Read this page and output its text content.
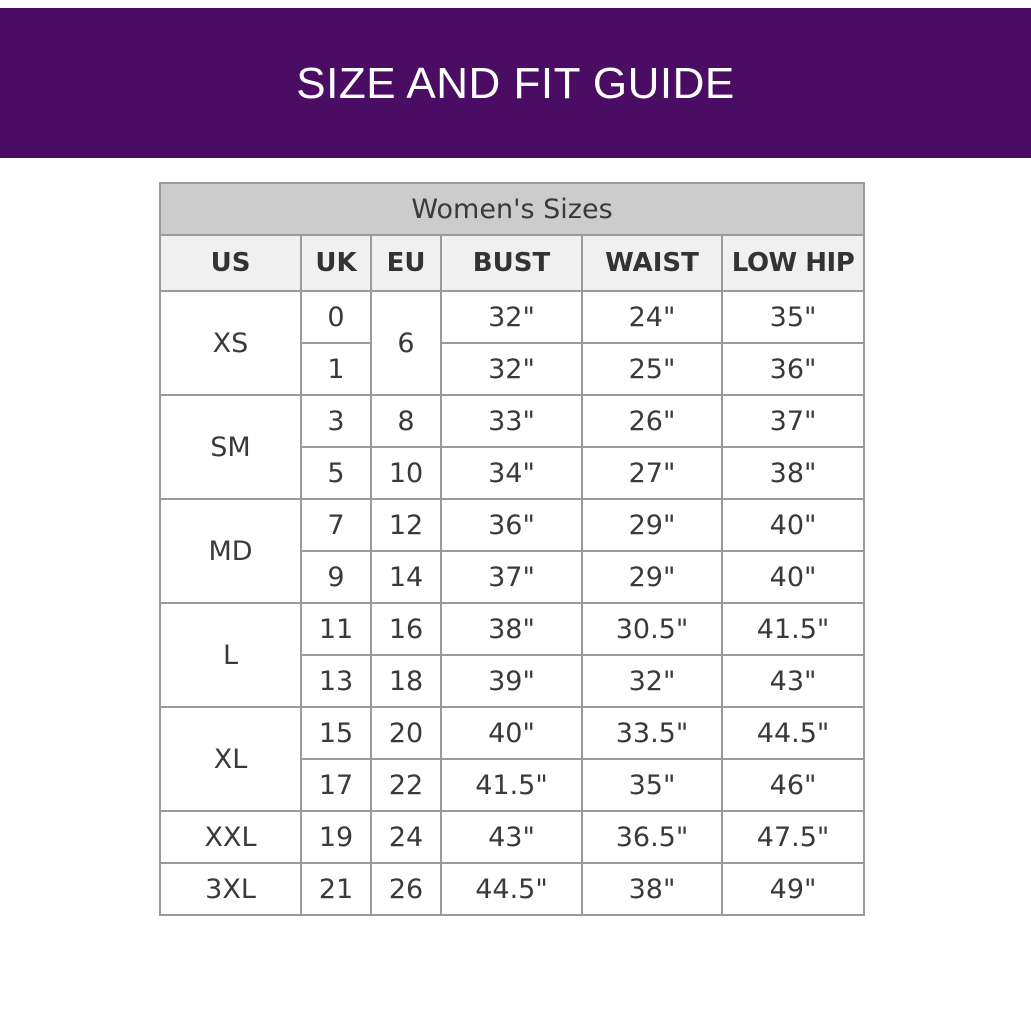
SIZE AND FIT GUIDE
Women's Sizes					
US	UK	EU	BUST	WAIST	LOW HIP
XS	0	6	32"	24"	35"
	1		32"	25"	36"
SM	3	8	33"	26"	37"
	5	10	34"	27"	38"
MD	7	12	36"	29"	40"
	9	14	37"	29"	40"
L	11	16	38"	30.5"	41.5"
	13	18	39"	32"	43"
XL	15	20	40"	33.5"	44.5"
	17	22	41.5"	35"	46"
XXL	19	24	43"	36.5"	47.5"
3XL	21	26	44.5"	38"	49"
